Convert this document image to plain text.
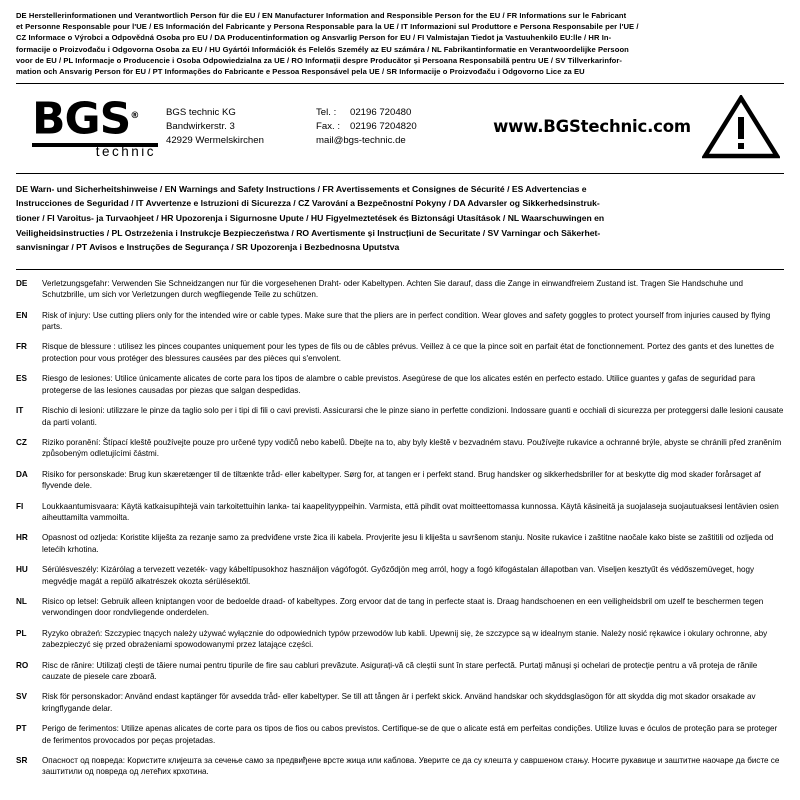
DE Herstellerinformationen und Verantwortlich Person für die EU / EN Manufacturer Information and Responsible Person for the EU / FR Informations sur le Fabricant
et Personne Responsable pour l'UE / ES Información del Fabricante y Persona Responsable para la UE / IT Informazioni sul Produttore e Persona Responsabile per l'UE /
CZ Informace o Výrobci a Odpovědná Osoba pro EU / DA Producentinformation og Ansvarlig Person for EU / FI Valmistajan Tiedot ja Vastuuhenkilö EU:lle / HR In-
formacije o Proizvođaču i Odgovorna Osoba za EU / HU Gyártói Információk és Felelős Személy az EU számára / NL Fabrikantinformatie en Verantwoordelijke Persoon
voor de EU / PL Informacje o Producencie i Osoba Odpowiedzialna za UE / RO Informații despre Producător și Persoana Responsabilă pentru UE / SV Tillverkarinfor-
mation och Ansvarig Person för EU / PT Informações do Fabricante e Pessoa Responsável pela UE / SR Informacije o Proizvođaču i Odgovorno Lice za EU
BGS®
technic
BGS technic KG
Bandwirkerstr. 3
42929 Wermelskirchen
Tel. :	02196 720480
Fax. :	02196 7204820
mail@ bgs-technic.de
www.BGStechnic.com
DE Warn- und Sicherheitshinweise / EN Warnings and Safety Instructions / FR Avertissements et Consignes de Sécurité / ES Advertencias e
Instrucciones de Seguridad / IT Avvertenze e Istruzioni di Sicurezza / CZ Varování a Bezpečnostní Pokyny / DA Advarsler og Sikkerhedsinstruk-
tioner / FI Varoitus- ja Turvaohjeet / HR Upozorenja i Sigurnosne Upute / HU Figyelmeztetések és Biztonsági Utasítások / NL Waarschuwingen en
Veiligheidsinstructies / PL Ostrzeżenia i Instrukcje Bezpieczeństwa / RO Avertismente și Instrucțiuni de Securitate / SV Varningar och Säkerhet-
sanvisningar / PT Avisos e Instruções de Segurança / SR Upozorenja i Bezbednosna Uputstva
DE	Verletzungsgefahr: Verwenden Sie Schneidzangen nur für die vorgesehenen Draht- oder Kabeltypen. Achten Sie darauf, dass die Zange in einwandfreiem Zustand ist. Tragen Sie Handschuhe und Schutzbrille, um sich vor Verletzungen durch wegfliegende Teile zu schützen.
EN	Risk of injury: Use cutting pliers only for the intended wire or cable types. Make sure that the pliers are in perfect condition. Wear gloves and safety goggles to protect yourself from injuries caused by flying parts.
FR	Risque de blessure : utilisez les pinces coupantes uniquement pour les types de fils ou de câbles prévus. Veillez à ce que la pince soit en parfait état de fonctionnement. Portez des gants et des lunettes de protection pour vous protéger des blessures causées par des pièces qui s'envolent.
ES	Riesgo de lesiones: Utilice únicamente alicates de corte para los tipos de alambre o cable previstos. Asegúrese de que los alicates estén en perfecto estado. Utilice guantes y gafas de seguridad para protegerse de las lesiones causadas por piezas que salgan despedidas.
IT	Rischio di lesioni: utilizzare le pinze da taglio solo per i tipi di fili o cavi previsti. Assicurarsi che le pinze siano in perfette condizioni. Indossare guanti e occhiali di sicurezza per proteggersi dalle lesioni causate da parti volanti.
CZ	Riziko poranění: Štípací kleště používejte pouze pro určené typy vodičů nebo kabelů. Dbejte na to, aby byly kleště v bezvadném stavu. Používejte rukavice a ochranné brýle, abyste se chránili před zraněním způsobeným odletujícími částmi.
DA	Risiko for personskade: Brug kun skæretænger til de tiltænkte tråd- eller kabeltyper. Sørg for, at tangen er i perfekt stand. Brug handsker og sikkerhedsbriller for at beskytte dig mod skader forårsaget af flyvende dele.
FI	Loukkaantumisvaara: Käytä katkaisupihtejä vain tarkoitettuihin lanka- tai kaapelityyppeihin. Varmista, että pihdit ovat moitteettomassa kunnossa. Käytä käsineitä ja suojalaseja suojautuaksesi lentävien osien aiheuttamilta vammoilta.
HR	Opasnost od ozljeda: Koristite kliješta za rezanje samo za predviđene vrste žica ili kabela. Provjerite jesu li kliješta u savršenom stanju. Nosite rukavice i zaštitne naočale kako biste se zaštitili od ozljeda od letećih krhotina.
HU	Sérülésveszély: Kizárólag a tervezett vezeték- vagy kábeltípusokhoz használjon vágófogót. Győződjön meg arról, hogy a fogó kifogástalan állapotban van. Viseljen kesztyűt és védőszemüveget, hogy megvédje magát a repülő alkatrészek okozta sérülésektől.
NL	Risico op letsel: Gebruik alleen kniptangen voor de bedoelde draad- of kabeltypes. Zorg ervoor dat de tang in perfecte staat is. Draag handschoenen en een veiligheidsbril om uzelf te beschermen tegen verwondingen door rondvliegende onderdelen.
PL	Ryzyko obrażeń: Szczypiec tnących należy używać wyłącznie do odpowiednich typów przewodów lub kabli. Upewnij się, że szczypce są w idealnym stanie. Należy nosić rękawice i okulary ochronne, aby zabezpieczyć się przed obrażeniami spowodowanymi przez latające części.
RO	Risc de rănire: Utilizați clești de tăiere numai pentru tipurile de fire sau cabluri prevăzute. Asigurați-vă că cleștii sunt în stare perfectă. Purtați mănuși și ochelari de protecție pentru a vă proteja de rănile cauzate de piesele care zboară.
SV	Risk för personskador: Använd endast kaptänger för avsedda tråd- eller kabeltyper. Se till att tången är i perfekt skick. Använd handskar och skyddsglasögon för att skydda dig mot skador orsakade av kringflygande delar.
PT	Perigo de ferimentos: Utilize apenas alicates de corte para os tipos de fios ou cabos previstos. Certifique-se de que o alicate está em perfeitas condições. Utilize luvas e óculos de proteção para se proteger de ferimentos provocados por peças projetadas.
SR	Опасност од повреда: Користите клијешта за сечење само за предвиђене врсте жица или каблова. Уверите се да су клешта у савршеном стању. Носите рукавице и заштитне наочаре да бисте се заштитили од повреда од летећих крхотина.
